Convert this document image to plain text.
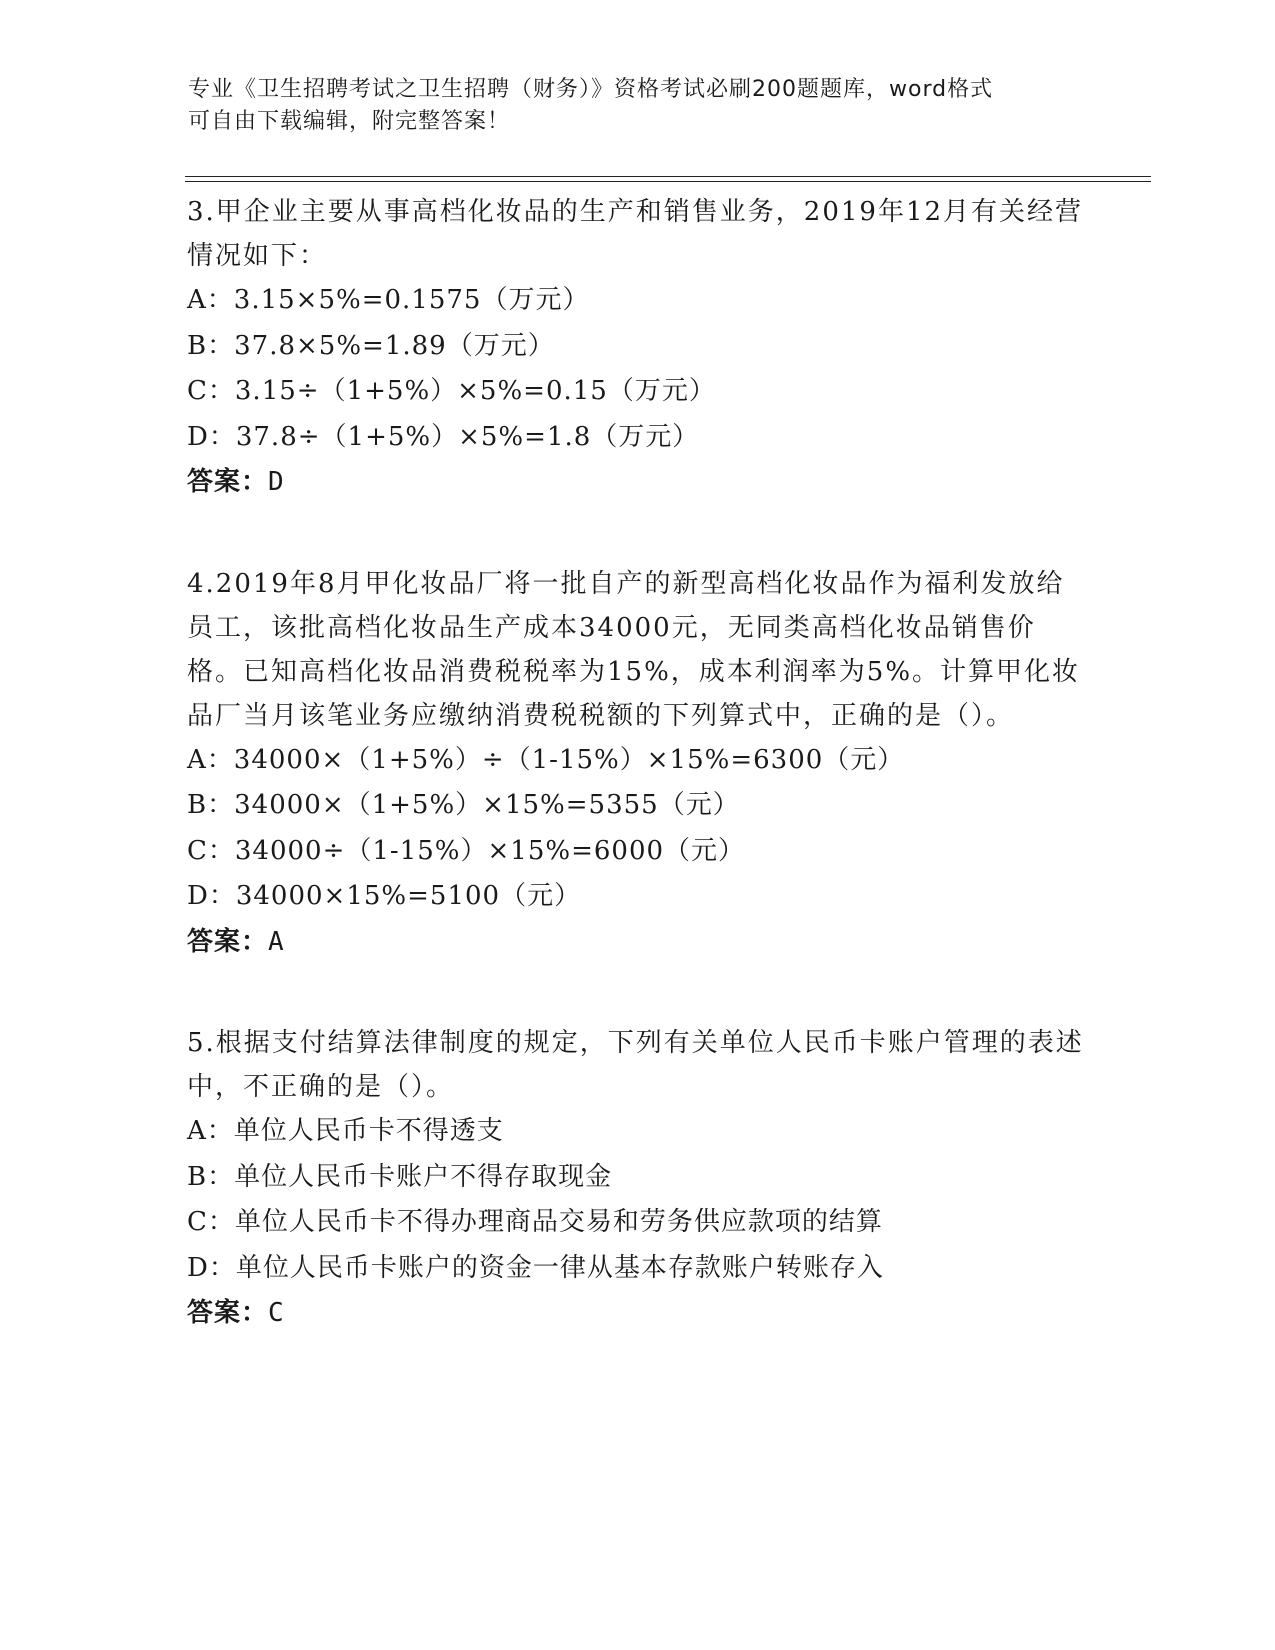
专业《卫生招聘考试之卫生招聘（财务）》资格考试必刷200题题库，word格式
可自由下载编辑，附完整答案！

3.甲企业主要从事高档化妆品的生产和销售业务，2019年12月有关经营情况如下：

A：3.15×5%=0.1575（万元）

B：37.8×5%=1.89（万元）

C：3.15÷（1+5%）×5%=0.15（万元）

D：37.8÷（1+5%）×5%=1.8（万元）

答案：D

4.2019年8月甲化妆品厂将一批自产的新型高档化妆品作为福利发放给员工，该批高档化妆品生产成本34000元，无同类高档化妆品销售价格。已知高档化妆品消费税税率为15%，成本利润率为5%。计算甲化妆品厂当月该笔业务应缴纳消费税税额的下列算式中，正确的是（）。

A：34000×（1+5%）÷（1-15%）×15%=6300（元）

B：34000×（1+5%）×15%=5355（元）

C：34000÷（1-15%）×15%=6000（元）

D：34000×15%=5100（元）

答案：A

5.根据支付结算法律制度的规定，下列有关单位人民币卡账户管理的表述中，不正确的是（）。

A：单位人民币卡不得透支

B：单位人民币卡账户不得存取现金

C：单位人民币卡不得办理商品交易和劳务供应款项的结算

D：单位人民币卡账户的资金一律从基本存款账户转账存入

答案：C
